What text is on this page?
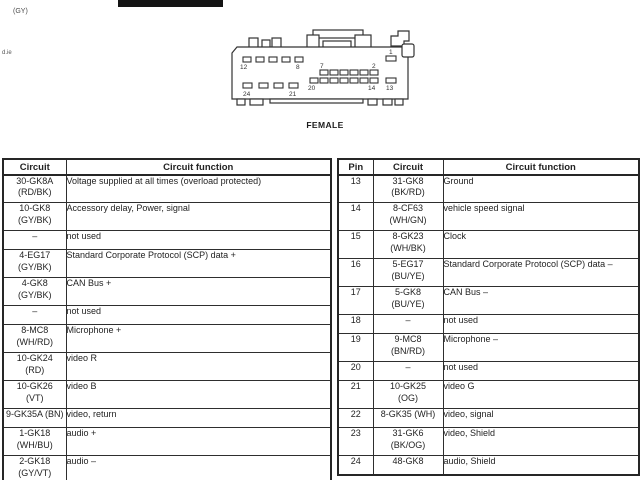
(GY)
d.ie
12	8
1
7	2
20	14 13
24	21
FEMALE
Circuit	Circuit function

30-GK8A
(RD/BK)	Voltage supplied at all times (overload protected)

10-GK8
(GY/BK)	Accessory delay, Power, signal

–	not used

4-EG17
(GY/BK)	Standard Corporate Protocol (SCP) data +

4-GK8
(GY/BK)	CAN Bus +

–	not used

8-MC8
(WH/RD)	Microphone +

10-GK24
(RD)	video R

10-GK26
(VT)	video B

9-GK35A (BN)	video, return

1-GK18
(WH/BU)	audio +

2-GK18
(GY/VT)	audio –
Pin	Circuit	Circuit function

13	31-GK8
(BK/RD)	Ground

14	8-CF63
(WH/GN)	vehicle speed signal

15	8-GK23
(WH/BK)	Clock

16	5-EG17
(BU/YE)	Standard Corporate Protocol (SCP) data –

17	5-GK8
(BU/YE)	CAN Bus –

18	–	not used

19	9-MC8
(BN/RD)	Microphone –

20	–	not used

21	10-GK25
(OG)	video G

22	8-GK35 (WH)	video, signal

23	31-GK6
(BK/OG)	video, Shield

24	48-GK8	audio, Shield
